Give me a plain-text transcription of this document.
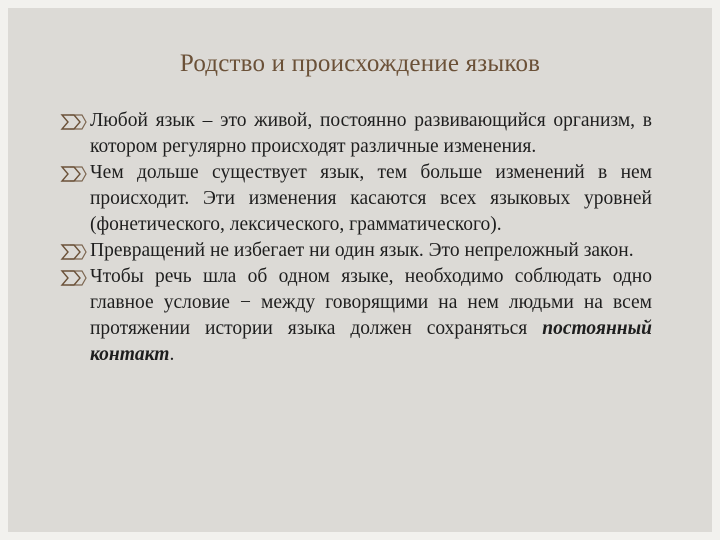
Родство и происхождение языков

Любой язык – это живой, постоянно развивающийся организм, в котором регулярно происходят различные изменения.

Чем дольше существует язык, тем больше изменений в нем происходит. Эти изменения касаются всех языковых уровней (фонетического, лексического, грамматического).

Превращений не избегает ни один язык. Это непреложный закон.

Чтобы речь шла об одном языке, необходимо соблюдать одно главное условие − между говорящими на нем людьми на всем протяжении истории языка должен сохраняться постоянный контакт.
